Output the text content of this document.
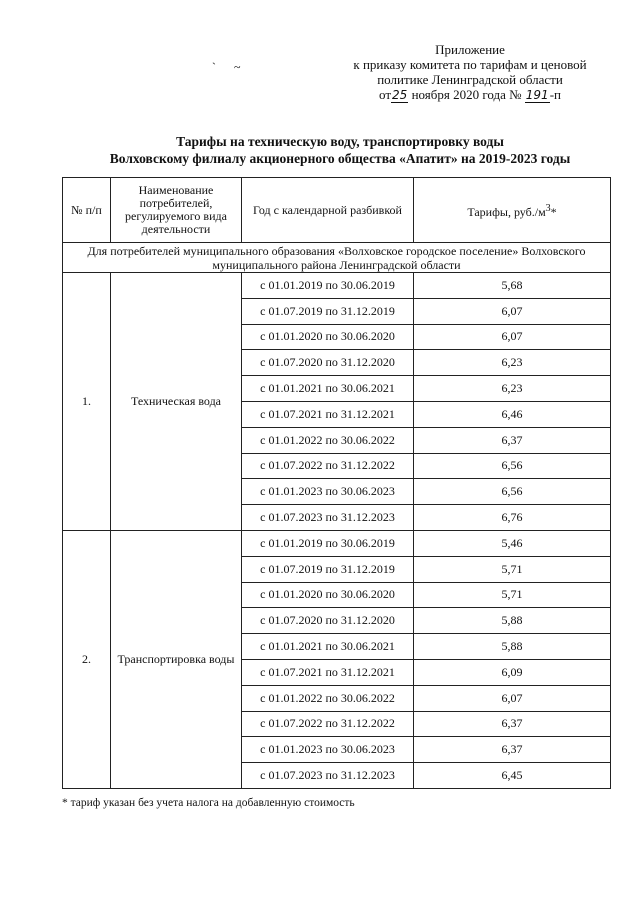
` ~
Приложение
к приказу комитета по тарифам и ценовой
политике Ленинградской области
от25 ноября 2020 года № 191-п
Тарифы на техническую воду, транспортировку воды
Волховскому филиалу акционерного общества «Апатит» на 2019-2023 годы
№ п/п	Наименование потребителей, регулируемого вида деятельности	Год с календарной разбивкой	Тарифы, $руб./м^3*$
Для потребителей муниципального образования «Волховское городское поселение» Волховского муниципального района Ленинградской области			
1.	Техническая вода	с 01.01.2019 по 30.06.2019	5,68
		с 01.07.2019 по 31.12.2019	6,07
		с 01.01.2020 по 30.06.2020	6,07
		с 01.07.2020 по 31.12.2020	6,23
		с 01.01.2021 по 30.06.2021	6,23
		с 01.07.2021 по 31.12.2021	6,46
		с 01.01.2022 по 30.06.2022	6,37
		с 01.07.2022 по 31.12.2022	6,56
		с 01.01.2023 по 30.06.2023	6,56
		с 01.07.2023 по 31.12.2023	6,76
2.	Транспортировка воды	с 01.01.2019 по 30.06.2019	5,46
		с 01.07.2019 по 31.12.2019	5,71
		с 01.01.2020 по 30.06.2020	5,71
		с 01.07.2020 по 31.12.2020	5,88
		с 01.01.2021 по 30.06.2021	5,88
		с 01.07.2021 по 31.12.2021	6,09
		с 01.01.2022 по 30.06.2022	6,07
		с 01.07.2022 по 31.12.2022	6,37
		с 01.01.2023 по 30.06.2023	6,37
		с 01.07.2023 по 31.12.2023	6,45
* тариф указан без учета налога на добавленную стоимость
